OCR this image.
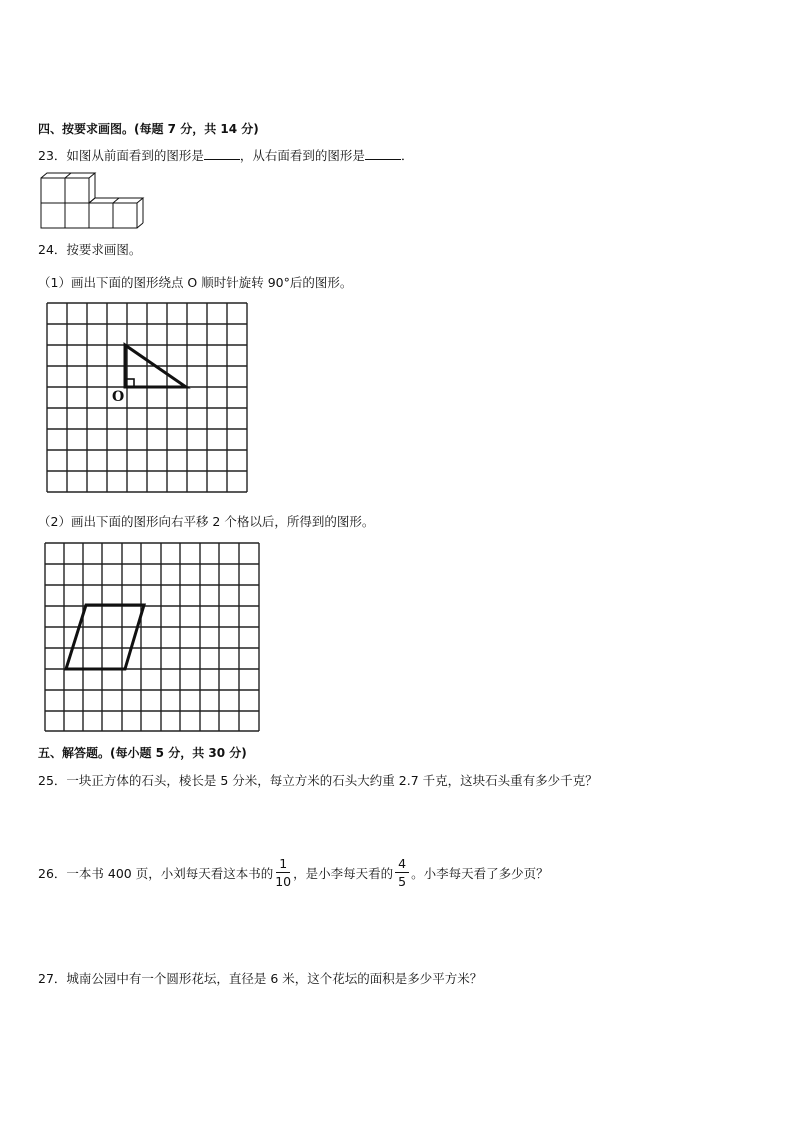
四、按要求画图。(每题 7 分，共 14 分)
23．如图从前面看到的图形是	，从右面看到的图形是	．
24．按要求画图。
（1）画出下面的图形绕点 O 顺时针旋转 90°后的图形。
O
（2）画出下面的图形向右平移 2 个格以后，所得到的图形。
五、解答题。(每小题 5 分，共 30 分)
25．一块正方体的石头，棱长是 5 分米，每立方米的石头大约重 2.7 千克，这块石头重有多少千克？
26．一本书 400 页，小刘每天看这本书的 $\frac{1}{10}$ ，是小李每天看的 $\frac{4}{5}$ 。小李每天看了多少页？
27．城南公园中有一个圆形花坛，直径是 6 米，这个花坛的面积是多少平方米？
